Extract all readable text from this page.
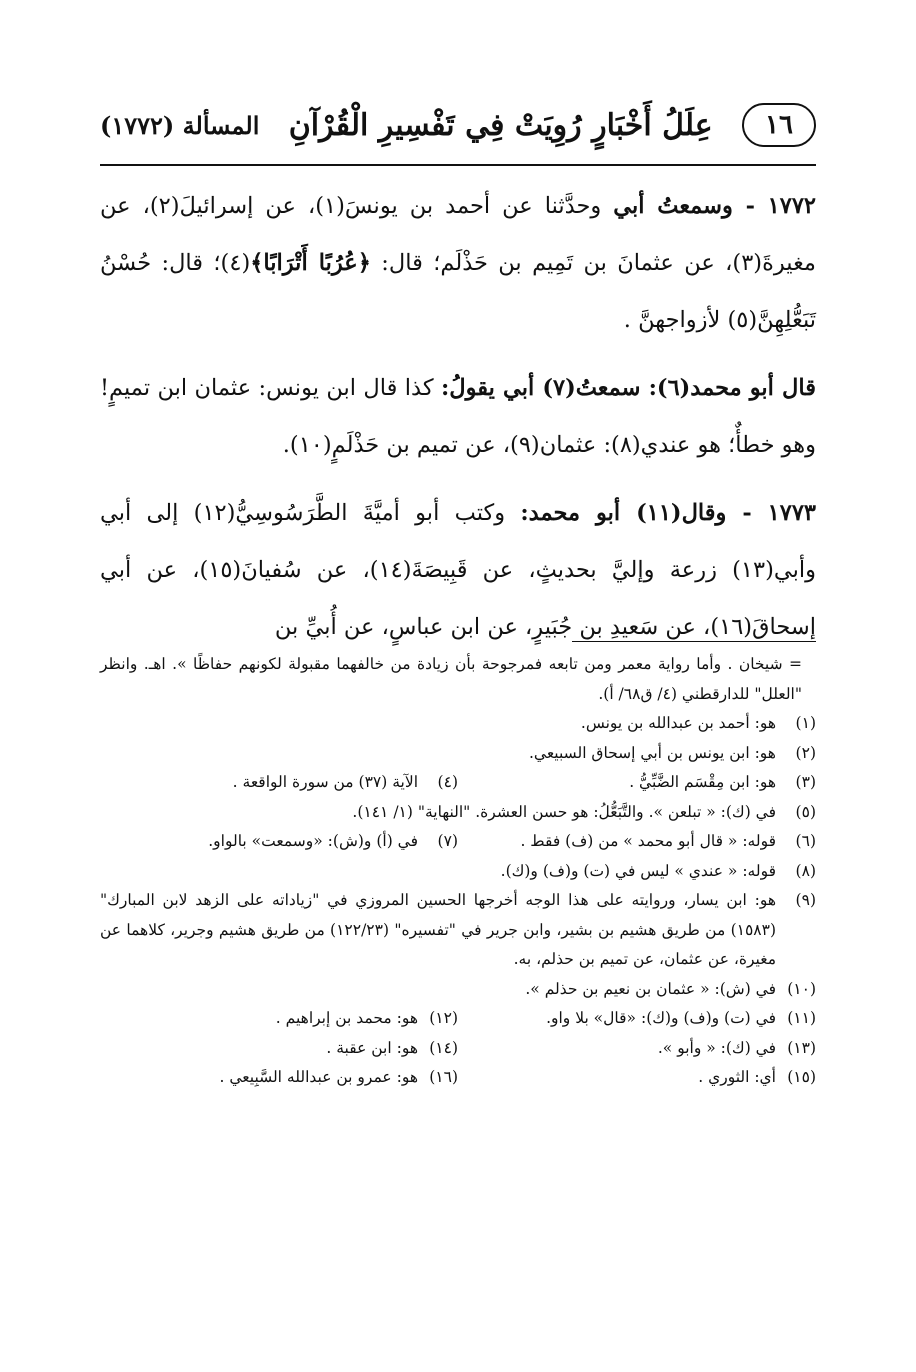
١٦
عِلَلُ أَخْبَارٍ رُوِيَتْ فِي تَفْسِيرِ الْقُرْآنِ
المسألة (١٧٧٢)

١٧٧٢ - وسمعتُ أبي وحدَّثنا عن أحمد بن يونسَ(١)، عن إسرائيلَ(٢)، عن مغيرةَ(٣)، عن عثمانَ بن تَمِيم بن حَذْلَم؛ قال: ﴿عُرُبًا أَتْرَابًا﴾(٤)؛ قال: حُسْنُ تَبَعُّلِهِنَّ(٥) لأزواجهنَّ .

قال أبو محمد(٦): سمعتُ(٧) أبي يقولُ: كذا قال ابن يونس: عثمان ابن تميمٍ! وهو خطأٌ؛ هو عندي(٨): عثمان(٩)، عن تميم بن حَذْلَمٍ(١٠).

١٧٧٣ - وقال(١١) أبو محمد: وكتب أبو أميَّةَ الطَّرَسُوسِيُّ(١٢) إلى أبي وأبي(١٣) زرعة وإليَّ بحديثٍ، عن قَبِيصَةَ(١٤)، عن سُفيانَ(١٥)، عن أبي إسحاقَ(١٦)، عن سَعيدِ بن جُبَيرٍ، عن ابن عباسٍ، عن أُبيِّ بن

= شيخان . وأما رواية معمر ومن تابعه فمرجوحة بأن زيادة من خالفهما مقبولة لكونهم حفاظًا ». اهـ. وانظر "العلل" للدارقطني (٤/ ق٦٨/ أ).
(١)
هو: أحمد بن عبدالله بن يونس.
(٢)
هو: ابن يونس بن أبي إسحاق السبيعي.
(٣)
هو: ابن مِقْسَم الضَّبِّيُّ .
(٤)
الآية (٣٧) من سورة الواقعة .
(٥)
في (ك): « تبلعن ». والتَّبَعُّلُ: هو حسن العشرة. "النهاية" (١/ ١٤١).
(٦)
قوله: « قال أبو محمد » من (ف) فقط .
(٧)
في (أ) و(ش): «وسمعت» بالواو.
(٨)
قوله: « عندي » ليس في (ت) و(ف) و(ك).
(٩)
هو: ابن يسار، وروايته على هذا الوجه أخرجها الحسين المروزي في "زياداته على الزهد لابن المبارك" (١٥٨٣) من طريق هشيم بن بشير، وابن جرير في "تفسيره" (١٢٢/٢٣) من طريق هشيم وجرير، كلاهما عن مغيرة، عن عثمان، عن تميم بن حذلم، به.
(١٠)
في (ش): « عثمان بن نعيم بن حذلم ».
(١١)
في (ت) و(ف) و(ك): «قال» بلا واو.
(١٢)
هو: محمد بن إبراهيم .
(١٣)
في (ك): « وأبو ».
(١٤)
هو: ابن عقبة .
(١٥)
أي: الثوري .
(١٦)
هو: عمرو بن عبدالله السَّبِيعي .
